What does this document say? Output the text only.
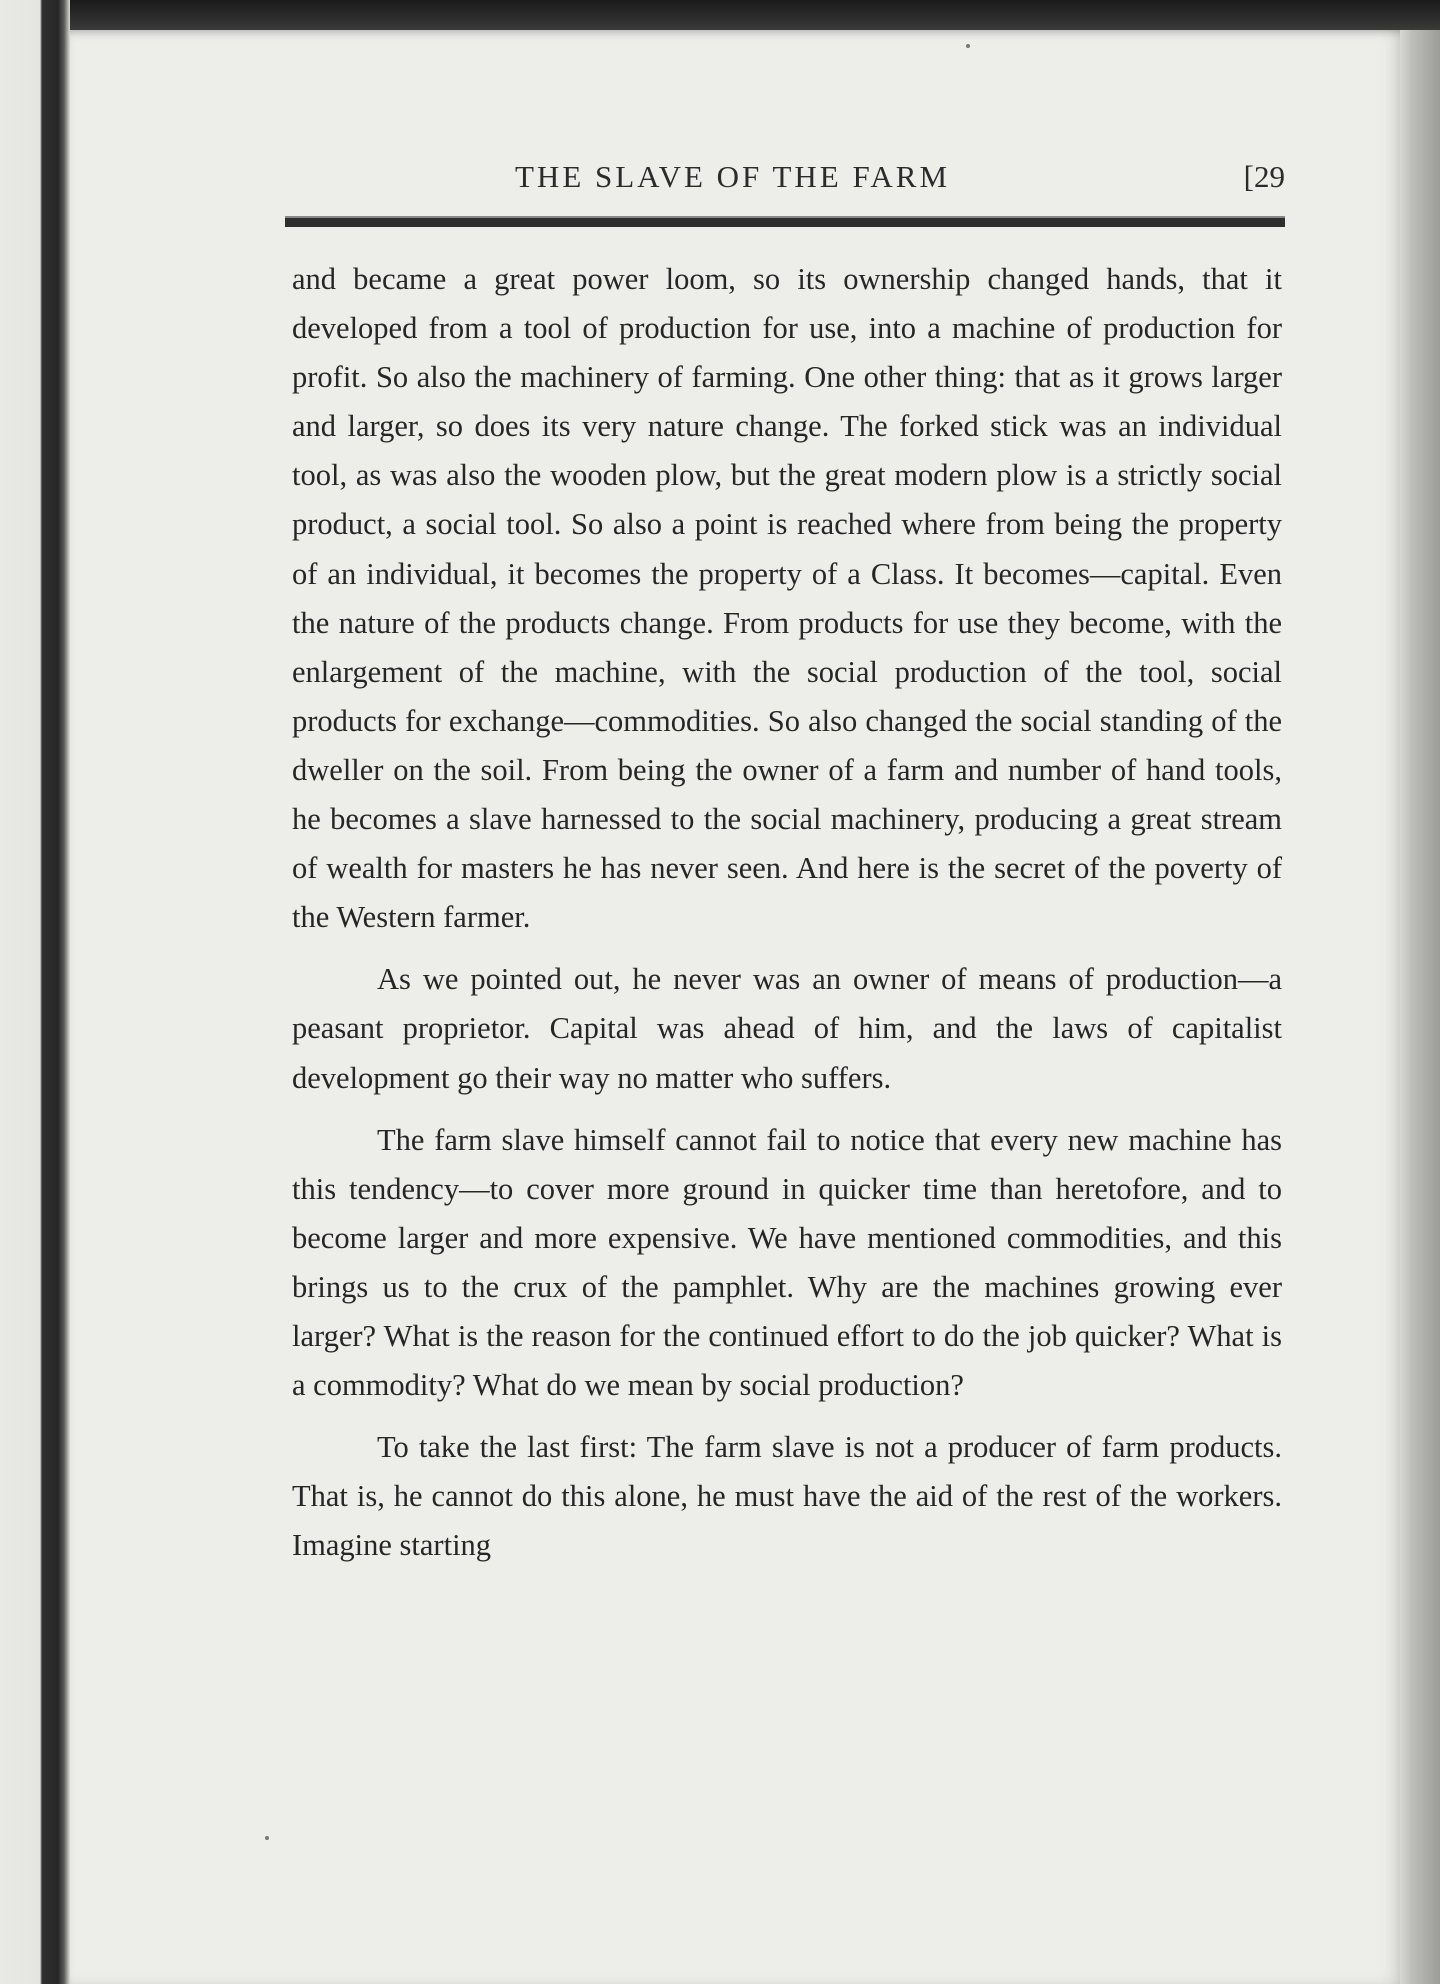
THE SLAVE OF THE FARM	[29

and became a great power loom, so its ownership changed hands, that it developed from a tool of production for use, into a machine of production for profit. So also the machinery of farming. One other thing: that as it grows larger and larger, so does its very nature change. The forked stick was an individual tool, as was also the wooden plow, but the great modern plow is a strictly social product, a social tool. So also a point is reached where from being the property of an individual, it becomes the property of a Class. It becomes—capital. Even the nature of the products change. From products for use they become, with the enlargement of the machine, with the social production of the tool, social products for exchange—commodities. So also changed the social standing of the dweller on the soil. From being the owner of a farm and number of hand tools, he becomes a slave harnessed to the social machinery, producing a great stream of wealth for masters he has never seen. And here is the secret of the poverty of the Western farmer.

As we pointed out, he never was an owner of means of production—a peasant proprietor. Capital was ahead of him, and the laws of capitalist development go their way no matter who suffers.

The farm slave himself cannot fail to notice that every new machine has this tendency—to cover more ground in quicker time than heretofore, and to become larger and more expensive. We have mentioned commodities, and this brings us to the crux of the pamphlet. Why are the machines growing ever larger? What is the reason for the continued effort to do the job quicker? What is a commodity? What do we mean by social production?

To take the last first: The farm slave is not a producer of farm products. That is, he cannot do this alone, he must have the aid of the rest of the workers. Imagine starting
